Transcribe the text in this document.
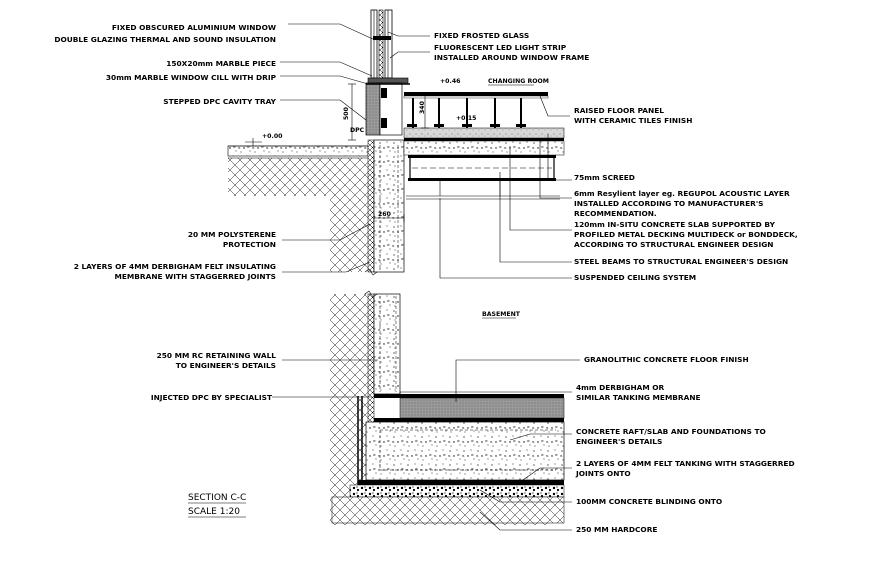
FIXED OBSCURED ALUMINIUM WINDOW
DOUBLE GLAZING THERMAL AND SOUND INSULATION
150X20mm MARBLE PIECE
30mm MARBLE WINDOW CILL WITH DRIP
STEPPED DPC CAVITY TRAY
20 MM POLYSTERENE
PROTECTION
2 LAYERS OF 4MM DERBIGHAM FELT INSULATING
MEMBRANE WITH STAGGERRED JOINTS
250 MM RC RETAINING WALL
TO ENGINEER'S DETAILS
INJECTED DPC BY SPECIALIST
FIXED FROSTED GLASS
FLUORESCENT LED LIGHT STRIP
INSTALLED AROUND WINDOW FRAME
RAISED FLOOR PANEL
WITH CERAMIC TILES FINISH
75mm SCREED
6mm Resylient layer eg. REGUPOL ACOUSTIC LAYER
INSTALLED ACCORDING TO MANUFACTURER'S
RECOMMENDATION.
120mm IN-SITU CONCRETE SLAB SUPPORTED BY
PROFILED METAL DECKING MULTIDECK or BONDDECK,
ACCORDING TO STRUCTURAL ENGINEER DESIGN
STEEL BEAMS TO STRUCTURAL ENGINEER'S DESIGN
SUSPENDED CEILING SYSTEM
GRANOLITHIC CONCRETE FLOOR FINISH
4mm DERBIGHAM OR
SIMILAR TANKING MEMBRANE
CONCRETE RAFT/SLAB AND FOUNDATIONS TO
ENGINEER'S DETAILS
2 LAYERS OF 4MM FELT TANKING WITH STAGGERRED
JOINTS ONTO
100MM CONCRETE BLINDING ONTO
250 MM HARDCORE
CHANGING ROOM
BASEMENT
+0.46
+0.15
+0.00
340
500
260
DPC
SECTION C-C
SCALE 1:20
